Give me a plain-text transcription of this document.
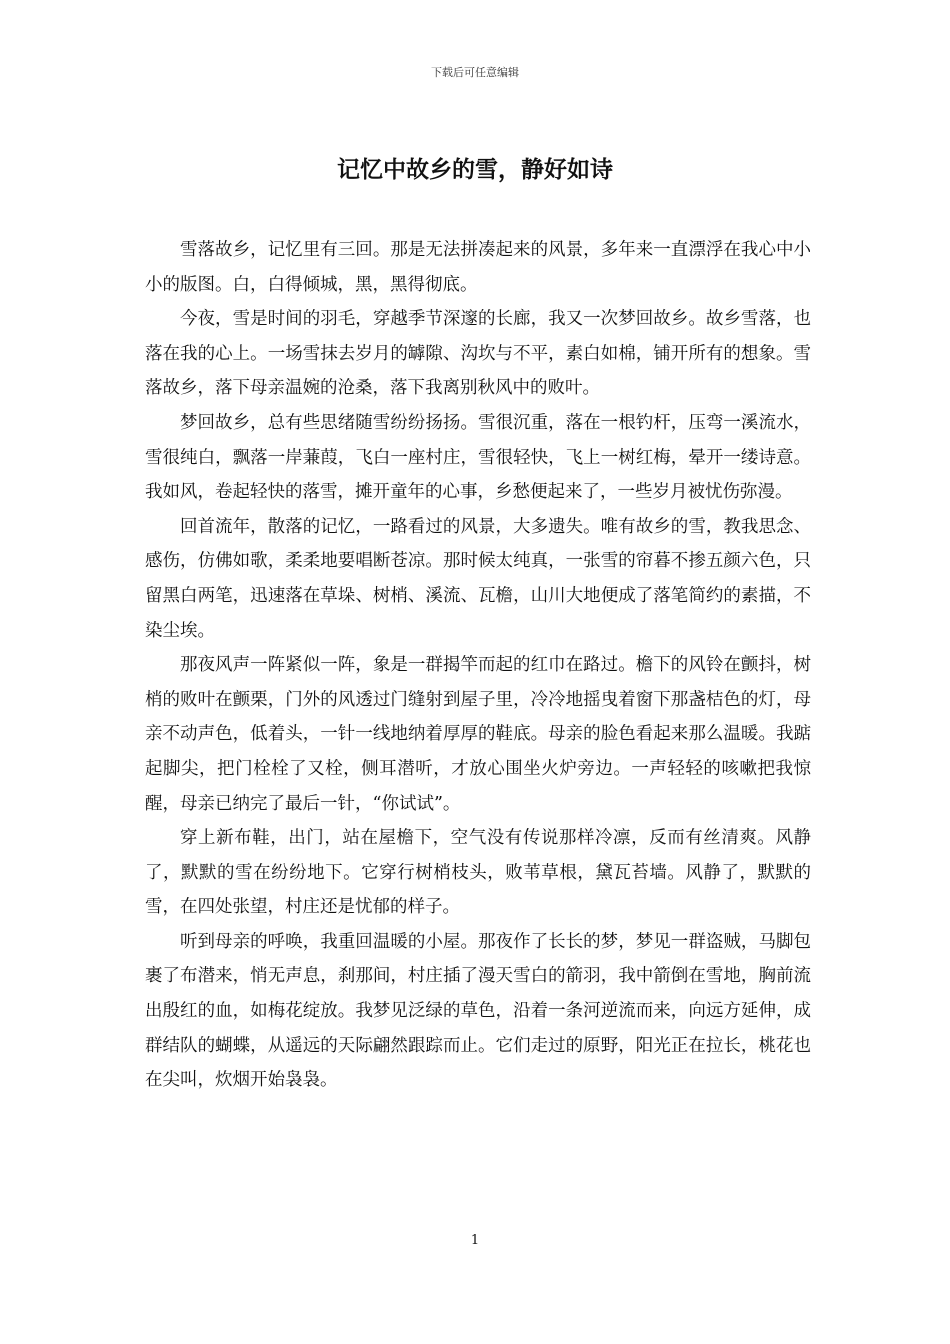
下载后可任意编辑
记忆中故乡的雪，静好如诗

雪落故乡，记忆里有三回。那是无法拼凑起来的风景，多年来一直漂浮在我心中小小的版图。白，白得倾城，黑，黑得彻底。

今夜，雪是时间的羽毛，穿越季节深邃的长廊，我又一次梦回故乡。故乡雪落，也落在我的心上。一场雪抹去岁月的罅隙、沟坎与不平，素白如棉，铺开所有的想象。雪落故乡，落下母亲温婉的沧桑，落下我离别秋风中的败叶。

梦回故乡，总有些思绪随雪纷纷扬扬。雪很沉重，落在一根钓杆，压弯一溪流水，雪很纯白，飘落一岸蒹葭，飞白一座村庄，雪很轻快，飞上一树红梅，晕开一缕诗意。我如风，卷起轻快的落雪，摊开童年的心事，乡愁便起来了，一些岁月被忧伤弥漫。

回首流年，散落的记忆，一路看过的风景，大多遗失。唯有故乡的雪，教我思念、感伤，仿佛如歌，柔柔地要唱断苍凉。那时候太纯真，一张雪的帘暮不掺五颜六色，只留黑白两笔，迅速落在草垛、树梢、溪流、瓦檐，山川大地便成了落笔简约的素描，不染尘埃。

那夜风声一阵紧似一阵，象是一群揭竿而起的红巾在路过。檐下的风铃在颤抖，树梢的败叶在颤栗，门外的风透过门缝射到屋子里，冷冷地摇曳着窗下那盏桔色的灯，母亲不动声色，低着头，一针一线地纳着厚厚的鞋底。母亲的脸色看起来那么温暖。我踮起脚尖，把门栓栓了又栓，侧耳潜听，才放心围坐火炉旁边。一声轻轻的咳嗽把我惊醒，母亲已纳完了最后一针，“你试试”。

穿上新布鞋，出门，站在屋檐下，空气没有传说那样冷凛，反而有丝清爽。风静了，默默的雪在纷纷地下。它穿行树梢枝头，败苇草根，黛瓦苔墙。风静了，默默的雪，在四处张望，村庄还是忧郁的样子。

听到母亲的呼唤，我重回温暖的小屋。那夜作了长长的梦，梦见一群盗贼，马脚包裹了布潜来，悄无声息，刹那间，村庄插了漫天雪白的箭羽，我中箭倒在雪地，胸前流出殷红的血，如梅花绽放。我梦见泛绿的草色，沿着一条河逆流而来，向远方延伸，成群结队的蝴蝶，从遥远的天际翩然跟踪而止。它们走过的原野，阳光正在拉长，桃花也在尖叫，炊烟开始袅袅。

1
